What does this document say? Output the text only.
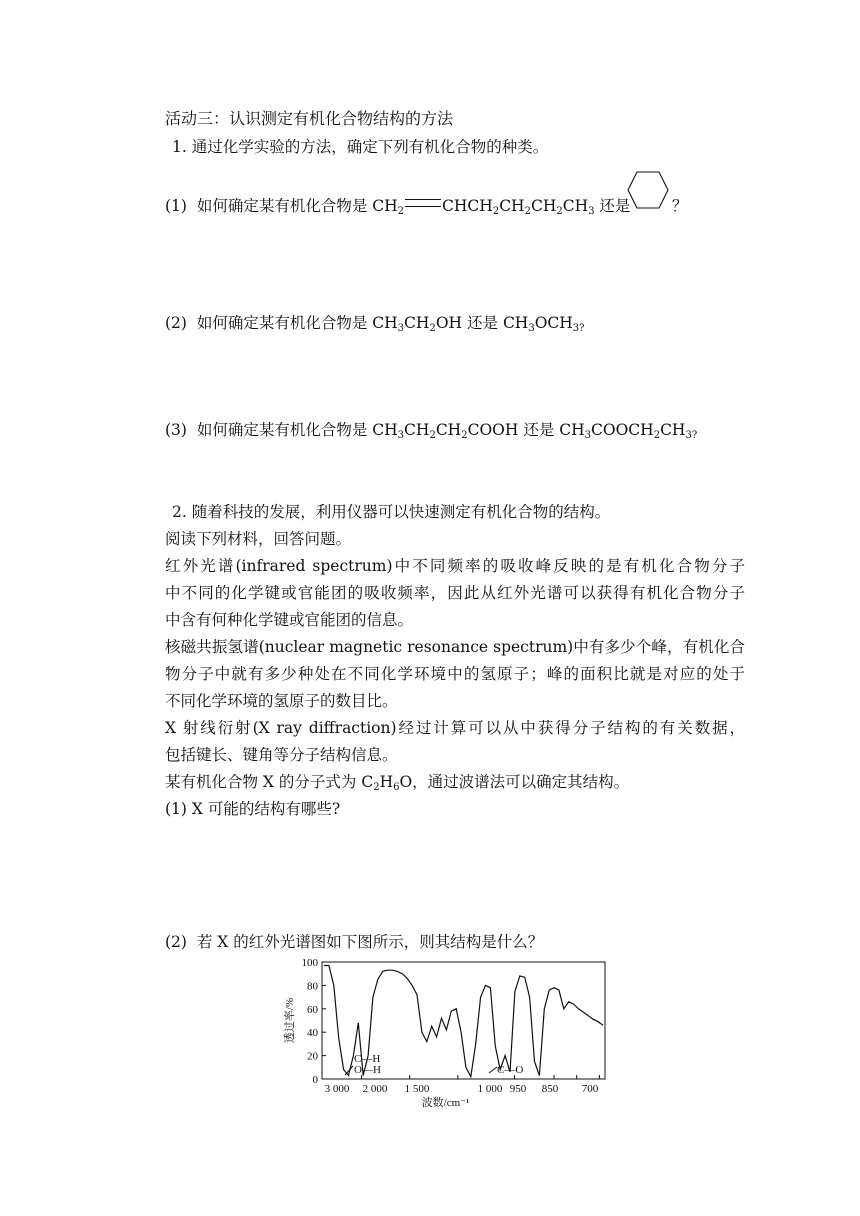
活动三：认识测定有机化合物结构的方法
1. 通过化学实验的方法，确定下列有机化合物的种类。
(1) 如何确定某有机化合物是 $CH_2$ $CHCH_2CH_2CH_2CH_3$ 还是	？
(2) 如何确定某有机化合物是 $CH_3CH_2OH$ 还是 $CH_3OCH_{3?}$
(3) 如何确定某有机化合物是 $CH_3CH_2CH_2COOH$ 还是 $CH_3COOCH_2CH_{3?}$
2. 随着科技的发展，利用仪器可以快速测定有机化合物的结构。
阅读下列材料，回答问题。
红外光谱(infrared spectrum)中不同频率的吸收峰反映的是有机化合物分子
中不同的化学键或官能团的吸收频率，因此从红外光谱可以获得有机化合物分子
中含有何种化学键或官能团的信息。
核磁共振氢谱(nuclear magnetic resonance spectrum)中有多少个峰，有机化合
物分子中就有多少种处在不同化学环境中的氢原子；峰的面积比就是对应的处于
不同化学环境的氢原子的数目比。
X 射线衍射(X ray diffraction)经过计算可以从中获得分子结构的有关数据，
包括键长、键角等分子结构信息。
某有机化合物 X 的分子式为 $C_2H_6O$，通过波谱法可以确定其结构。
(1) X 可能的结构有哪些?
(2) 若 X 的红外光谱图如下图所示，则其结构是什么？
0
20
40
60
80
100
3 000 2 000 1 500	1 000 950 850 700
波数/cm⁻¹
透过率/%
C—H
O—H	C—O
